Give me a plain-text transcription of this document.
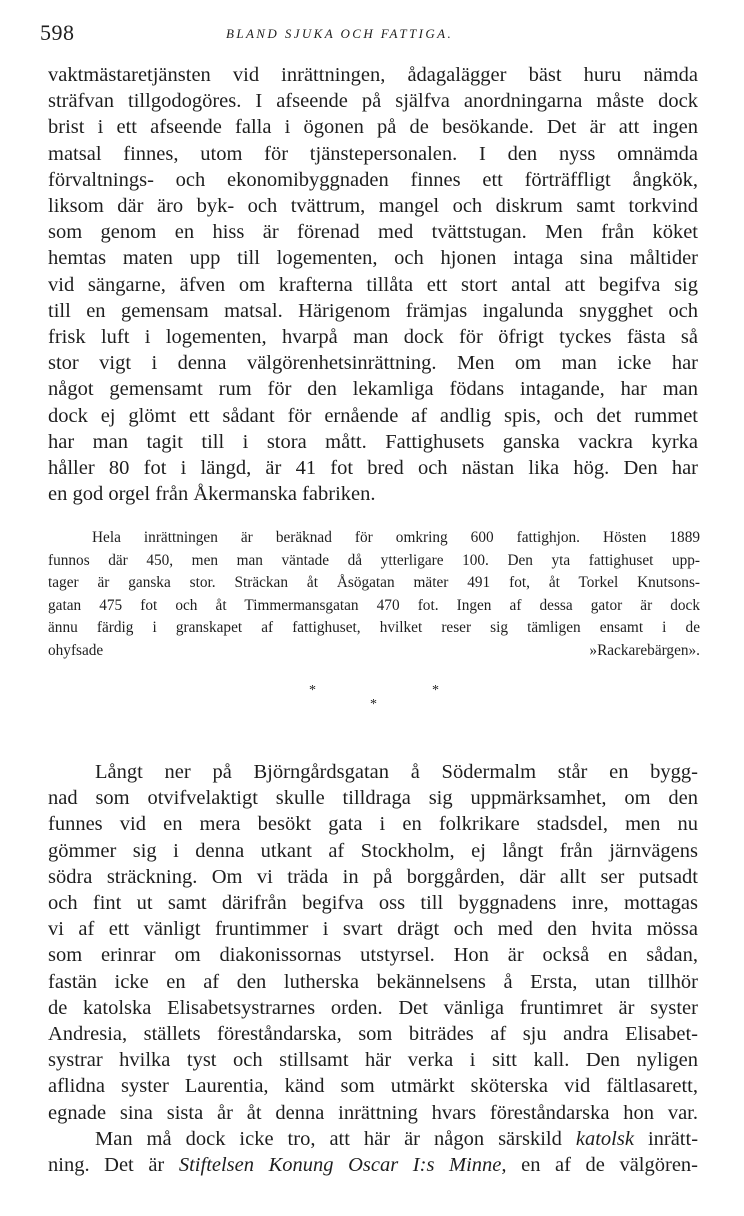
598	BLAND SJUKA OCH FATTIGA.
vaktmästaretjänsten vid inrättningen, ådagalägger bäst huru nämda
sträfvan tillgodogöres. I afseende på själfva anordningarna måste dock
brist i ett afseende falla i ögonen på de besökande. Det är att ingen
matsal finnes, utom för tjänstepersonalen. I den nyss omnämda
förvaltnings- och ekonomibyggnaden finnes ett förträffligt ångkök,
liksom där äro byk- och tvättrum, mangel och diskrum samt torkvind
som genom en hiss är förenad med tvättstugan. Men från köket
hemtas maten upp till logementen, och hjonen intaga sina måltider
vid sängarne, äfven om krafterna tillåta ett stort antal att begifva sig
till en gemensam matsal. Härigenom främjas ingalunda snygghet och
frisk luft i logementen, hvarpå man dock för öfrigt tyckes fästa så
stor vigt i denna välgörenhetsinrättning. Men om man icke har
något gemensamt rum för den lekamliga födans intagande, har man
dock ej glömt ett sådant för ernående af andlig spis, och det rummet
har man tagit till i stora mått. Fattighusets ganska vackra kyrka
håller 80 fot i längd, är 41 fot bred och nästan lika hög. Den har
en god orgel från Åkermanska fabriken.
Hela inrättningen är beräknad för omkring 600 fattighjon. Hösten 1889
funnos där 450, men man väntade då ytterligare 100. Den yta fattighuset upp-
tager är ganska stor. Sträckan åt Åsögatan mäter 491 fot, åt Torkel Knutsons-
gatan 475 fot och åt Timmermansgatan 470 fot. Ingen af dessa gator är dock
ännu färdig i granskapet af fattighuset, hvilket reser sig tämligen ensamt i de
ohyfsade »Rackarebärgen».
*	*
*
Långt ner på Björngårdsgatan å Södermalm står en bygg-
nad som otvifvelaktigt skulle tilldraga sig uppmärksamhet, om den
funnes vid en mera besökt gata i en folkrikare stadsdel, men nu
gömmer sig i denna utkant af Stockholm, ej långt från järnvägens
södra sträckning. Om vi träda in på borggården, där allt ser putsadt
och fint ut samt därifrån begifva oss till byggnadens inre, mottagas
vi af ett vänligt fruntimmer i svart drägt och med den hvita mössa
som erinrar om diakonissornas utstyrsel. Hon är också en sådan,
fastän icke en af den lutherska bekännelsens å Ersta, utan tillhör
de katolska Elisabetsystrarnes orden. Det vänliga fruntimret är syster
Andresia, ställets föreståndarska, som biträdes af sju andra Elisabet-
systrar hvilka tyst och stillsamt här verka i sitt kall. Den nyligen
aflidna syster Laurentia, känd som utmärkt sköterska vid fältlasarett,
egnade sina sista år åt denna inrättning hvars föreståndarska hon var.
Man må dock icke tro, att här är någon särskild katolsk inrätt-
ning. Det är Stiftelsen Konung Oscar I:s Minne, en af de välgören-
